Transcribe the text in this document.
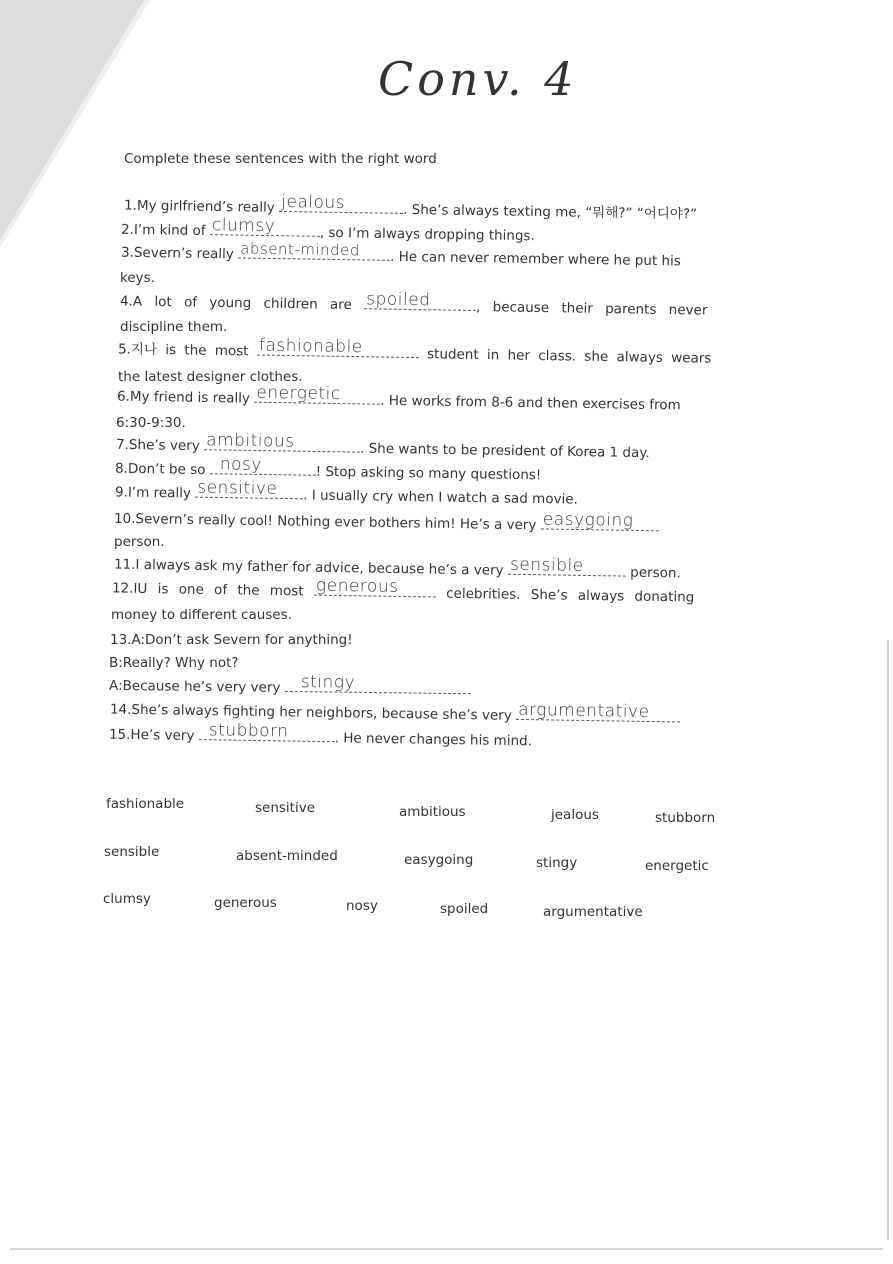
Conv. 4
Complete these sentences with the right word
1.My girlfriend’s really jealous	. She’s always texting me, “뭐해?” “어디야?”
2.I’m kind of clumsy	, so I’m always dropping things.
3.Severn’s really absent-minded . He can never remember where he put his
keys.
4.A lot of young children are spoiled	, because their parents never
discipline them.
5.지나 is the most fashionable	student in her class. she always wears
the latest designer clothes.
6.My friend is really energetic	. He works from 8-6 and then exercises from
6:30-9:30.
7.She’s very ambitious	. She wants to be president of Korea 1 day.
8.Don’t be so nosy	! Stop asking so many questions!
9.I’m really sensitive . I usually cry when I watch a sad movie.
10.Severn’s really cool! Nothing ever bothers him! He’s a very easygoing
person.
11.I always ask my father for advice, because he’s a very sensible	person.
12.IU is one of the most generous	celebrities. She’s always donating
money to different causes.
13.A:Don’t ask Severn for anything!
B:Really? Why not?
A:Because he’s very very stingy
14.She’s always fighting her neighbors, because she’s very argumentative
15.He’s very stubborn	. He never changes his mind.
fashionable	sensitive	ambitious	jealous	stubborn
sensible	absent-minded	easygoing	stingy	energetic
clumsy	generous	nosy	spoiled	argumentative
